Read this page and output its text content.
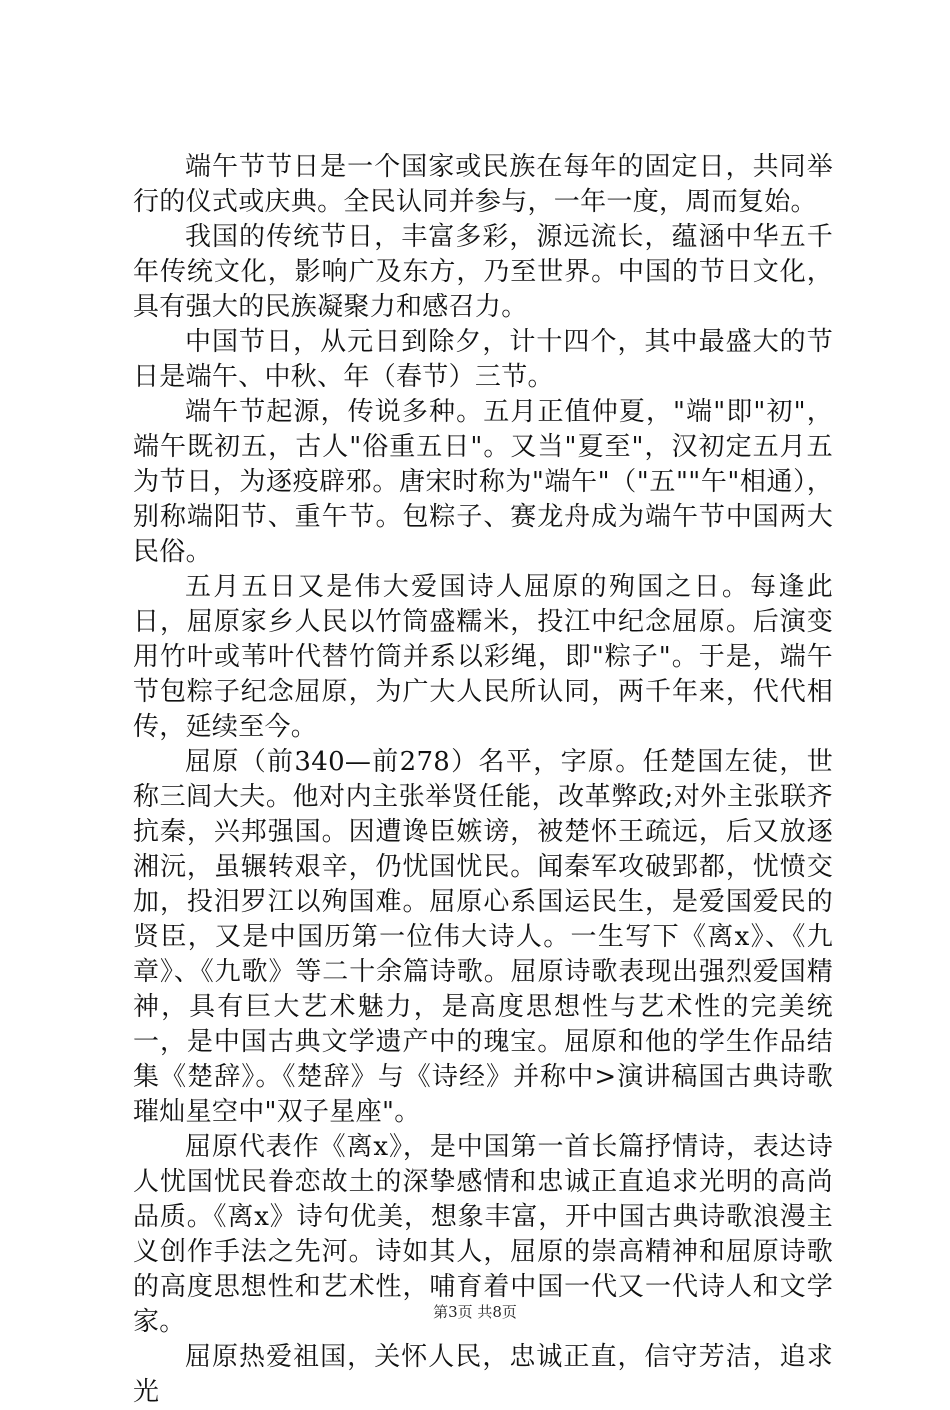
端午节节日是一个国家或民族在每年的固定日，共同举行的仪式或庆典。全民认同并参与，一年一度，周而复始。

我国的传统节日，丰富多彩，源远流长，蕴涵中华五千年传统文化，影响广及东方，乃至世界。中国的节日文化，具有强大的民族凝聚力和感召力。

中国节日，从元日到除夕，计十四个，其中最盛大的节日是端午、中秋、年（春节）三节。

端午节起源，传说多种。五月正值仲夏，"端"即"初"，端午既初五，古人"俗重五日"。又当"夏至"，汉初定五月五为节日，为逐疫辟邪。唐宋时称为"端午"（"五""午"相通），别称端阳节、重午节。包粽子、赛龙舟成为端午节中国两大民俗。

五月五日又是伟大爱国诗人屈原的殉国之日。每逢此日，屈原家乡人民以竹筒盛糯米，投江中纪念屈原。后演变用竹叶或苇叶代替竹筒并系以彩绳，即"粽子"。于是，端午节包粽子纪念屈原，为广大人民所认同，两千年来，代代相传，延续至今。

屈原（前340—前278）名平，字原。任楚国左徒，世称三闾大夫。他对内主张举贤任能，改革弊政;对外主张联齐抗秦，兴邦强国。因遭谗臣嫉谤，被楚怀王疏远，后又放逐湘沅，虽辗转艰辛，仍忧国忧民。闻秦军攻破郢都，忧愤交加，投汨罗江以殉国难。屈原心系国运民生，是爱国爱民的贤臣，又是中国历第一位伟大诗人。一生写下《离x》、《九章》、《九歌》等二十余篇诗歌。屈原诗歌表现出强烈爱国精神，具有巨大艺术魅力，是高度思想性与艺术性的完美统一，是中国古典文学遗产中的瑰宝。屈原和他的学生作品结集《楚辞》。《楚辞》与《诗经》并称中>演讲稿国古典诗歌璀灿星空中"双子星座"。

屈原代表作《离x》，是中国第一首长篇抒情诗，表达诗人忧国忧民眷恋故土的深挚感情和忠诚正直追求光明的高尚品质。《离x》诗句优美，想象丰富，开中国古典诗歌浪漫主义创作手法之先河。诗如其人，屈原的崇高精神和屈原诗歌的高度思想性和艺术性，哺育着中国一代又一代诗人和文学家。

屈原热爱祖国，关怀人民，忠诚正直，信守芳洁，追求光

第3页 共8页
